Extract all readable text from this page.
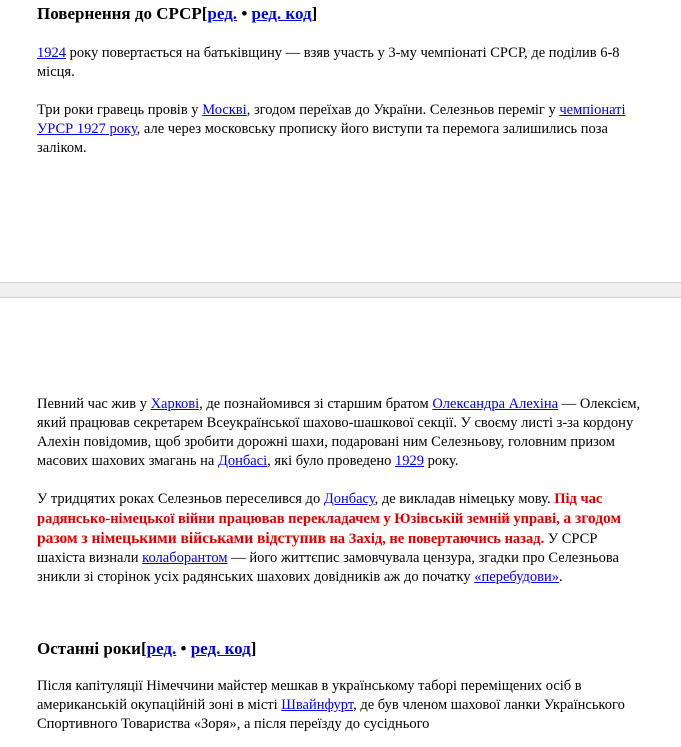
Повернення до СРСР[ред. • ред. код]

1924 року повертається на батьківщину — взяв участь у 3-му чемпіонаті СРСР, де поділив 6-8 місця.

Три роки гравець провів у Москві, згодом переїхав до України. Селезньов переміг у чемпіонаті УРСР 1927 року, але через московську прописку його виступи та перемога залишились поза заліком.

Певний час жив у Харкові, де познайомився зі старшим братом Олександра Алехіна — Олексієм, який працював секретарем Всеукраїнської шахово-шашкової секції. У своєму листі з-за кордону Алехін повідомив, щоб зробити дорожні шахи, подаровані ним Селезньову, головним призом масових шахових змагань на Донбасі, які було проведено 1929 року.

У тридцятих роках Селезньов переселився до Донбасу, де викладав німецьку мову. Під час радянсько-німецької війни працював перекладачем у Юзівській земній управі, а згодом разом з німецькими військами відступив на Захід, не повертаючись назад. У СРСР шахіста визнали колаборантом — його життєпис замовчувала цензура, згадки про Селезньова зникли зі сторінок усіх радянських шахових довідників аж до початку «перебудови».

Останні роки[ред. • ред. код]

Після капітуляції Німеччини майстер мешкав в українському таборі переміщених осіб в американській окупаційній зоні в місті Швайнфурт, де був членом шахової ланки Українського Спортивного Товариства «Зоря», а після переїзду до сусіднього
